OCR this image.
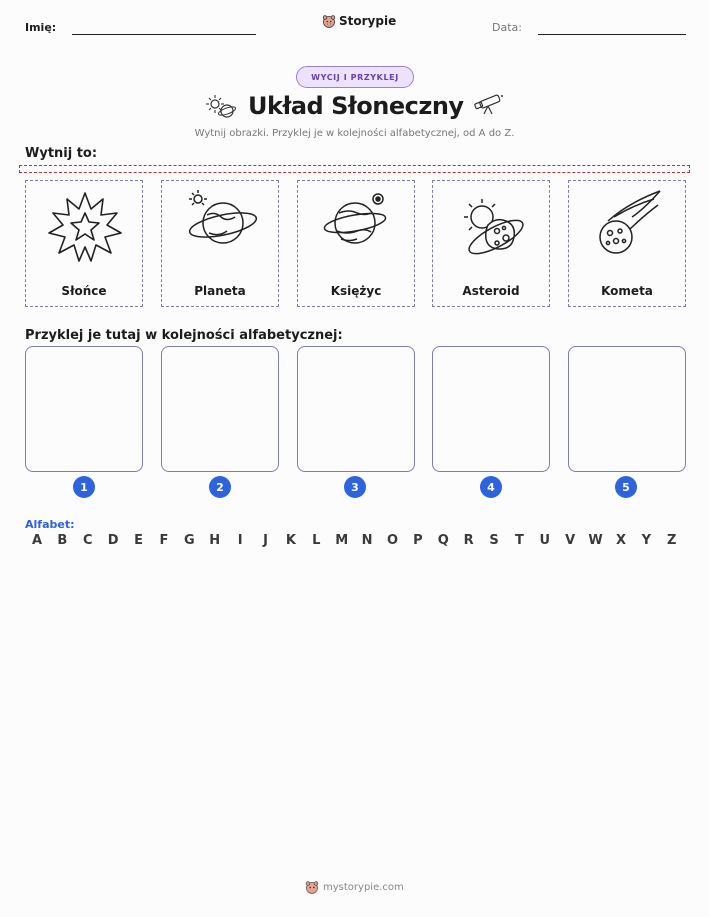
Imię:	Storypie	Data:
WYCIJ I PRZYKLEJ
Układ Słoneczny
Wytnij obrazki. Przyklej je w kolejności alfabetycznej, od A do Z.
Wytnij to:
Słońce	Planeta	Księżyc	Asteroid	Kometa
Przyklej je tutaj w kolejności alfabetycznej:
1	2	3	4	5
Alfabet:
A	B	C	D	E	F	G	H	I	J	K	L	M	N	O	P	Q	R	S	T	U	V	W	X	Y	Z
mystorypie.com
